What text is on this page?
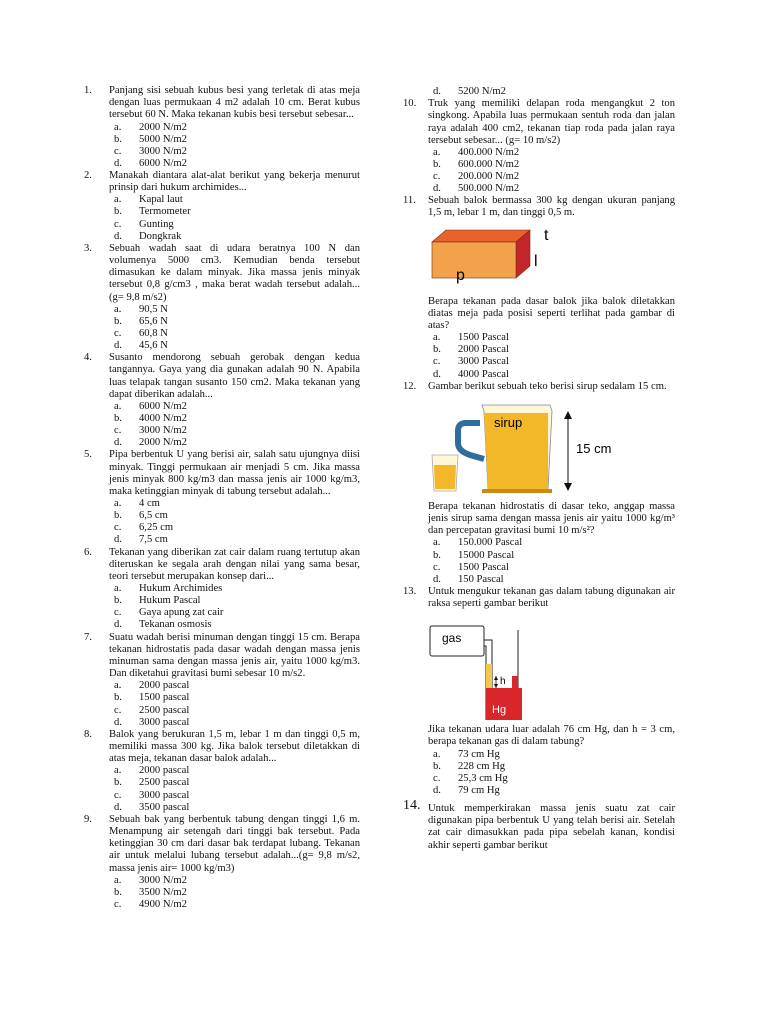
1.	Panjang sisi sebuah kubus besi yang terletak di atas meja dengan luas permukaan 4 m2 adalah 10 cm. Berat kubus tersebut 60 N. Maka tekanan kubis besi tersebut sebesar...
a. 2000 N/m2
b. 5000 N/m2
c. 3000 N/m2
d. 6000 N/m2
2.	Manakah diantara alat-alat berikut yang bekerja menurut prinsip dari hukum archimides...
a. Kapal laut
b. Termometer
c. Gunting
d. Dongkrak
3.	Sebuah wadah saat di udara beratnya 100 N dan volumenya 5000 cm3. Kemudian benda tersebut dimasukan ke dalam minyak. Jika massa jenis minyak tersebut 0,8 g/cm3 , maka berat wadah tersebut adalah...(g= 9,8 m/s2)
a. 90,5 N
b. 65,6 N
c. 60,8 N
d. 45,6 N
4.	Susanto mendorong sebuah gerobak dengan kedua tangannya. Gaya yang dia gunakan adalah 90 N. Apabila luas telapak tangan susanto 150 cm2. Maka tekanan yang dapat diberikan adalah...
a. 6000 N/m2
b. 4000 N/m2
c. 3000 N/m2
d. 2000 N/m2
5.	Pipa berbentuk U yang berisi air, salah satu ujungnya diisi minyak. Tinggi permukaan air menjadi 5 cm. Jika massa jenis minyak 800 kg/m3 dan massa jenis air 1000 kg/m3, maka ketinggian minyak di tabung tersebut adalah...
a. 4 cm
b. 6,5 cm
c. 6,25 cm
d. 7,5 cm
6.	Tekanan yang diberikan zat cair dalam ruang tertutup akan diteruskan ke segala arah dengan nilai yang sama besar, teori tersebut merupakan konsep dari...
a. Hukum Archimides
b. Hukum Pascal
c. Gaya apung zat cair
d. Tekanan osmosis
7.	Suatu wadah berisi minuman dengan tinggi 15 cm. Berapa tekanan hidrostatis pada dasar wadah dengan massa jenis minuman sama dengan massa jenis air, yaitu 1000 kg/m3. Dan diketahui gravitasi bumi sebesar 10 m/s2.
a. 2000 pascal
b. 1500 pascal
c. 2500 pascal
d. 3000 pascal
8.	Balok yang berukuran 1,5 m, lebar 1 m dan tinggi 0,5 m, memiliki massa 300 kg. Jika balok tersebut diletakkan di atas meja, tekanan dasar balok adalah...
a. 2000 pascal
b. 2500 pascal
c. 3000 pascal
d. 3500 pascal
9.	Sebuah bak yang berbentuk tabung dengan tinggi 1,6 m. Menampung air setengah dari tinggi bak tersebut. Pada ketinggian 30 cm dari dasar bak terdapat lubang. Tekanan air untuk melalui lubang tersebut adalah...(g= 9,8 m/s2, massa jenis air= 1000 kg/m3)
a. 3000 N/m2
b. 3500 N/m2
c. 4900 N/m2
d. 5200 N/m2
10.	Truk yang memiliki delapan roda mengangkut 2 ton singkong. Apabila luas permukaan sentuh roda dan jalan raya adalah 400 cm2, tekanan tiap roda pada jalan raya tersebut sebesar... (g= 10 m/s2)
a. 400.000 N/m2
b. 600.000 N/m2
c. 200.000 N/m2
d. 500.000 N/m2
11.	Sebuah balok bermassa 300 kg dengan ukuran panjang 1,5 m, lebar 1 m, dan tinggi 0,5 m.
t
l
p
Berapa tekanan pada dasar balok jika balok diletakkan diatas meja pada posisi seperti terlihat pada gambar di atas?
a. 1500 Pascal
b. 2000 Pascal
c. 3000 Pascal
d. 4000 Pascal
12.	Gambar berikut sebuah teko berisi sirup sedalam 15 cm.
sirup
15 cm
Berapa tekanan hidrostatis di dasar teko, anggap massa jenis sirup sama dengan massa jenis air yaitu 1000 kg/m³ dan percepatan gravitasi bumi 10 m/s²?
a. 150.000 Pascal
b. 15000 Pascal
c. 1500 Pascal
d. 150 Pascal
13.	Untuk mengukur tekanan gas dalam tabung digunakan air raksa seperti gambar berikut
gas
h
Hg
Jika tekanan udara luar adalah 76 cm Hg, dan h = 3 cm, berapa tekanan gas di dalam tabung?
a. 73 cm Hg
b. 228 cm Hg
c. 25,3 cm Hg
d. 79 cm Hg
14. Untuk memperkirakan massa jenis suatu zat cair digunakan pipa berbentuk U yang telah berisi air. Setelah zat cair dimasukkan pada pipa sebelah kanan, kondisi akhir seperti gambar berikut
